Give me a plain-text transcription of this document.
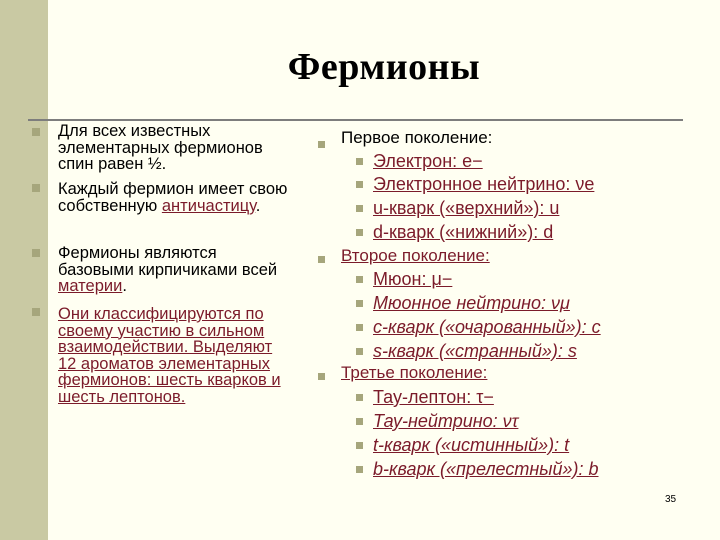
Фермионы
Для всех известных элементарных фермионов спин равен ½.
Каждый фермион имеет свою собственную античастицу.
Фермионы являются базовыми кирпичиками всей материи.
Они классифицируются по своему участию в сильном взаимодействии. Выделяют 12 ароматов элементарных фермионов: шесть кварков и шесть лептонов.
Первое поколение:
Электрон: e−
Электронное нейтрино: νe
u-кварк («верхний»): u
d-кварк («нижний»): d
Второе поколение:
Мюон: μ−
Мюонное нейтрино: νμ
c-кварк («очарованный»): c
s-кварк («странный»): s
Третье поколение:
Тау-лептон: τ−
Тау-нейтрино: ντ
t-кварк («истинный»): t
b-кварк («прелестный»): b
35
